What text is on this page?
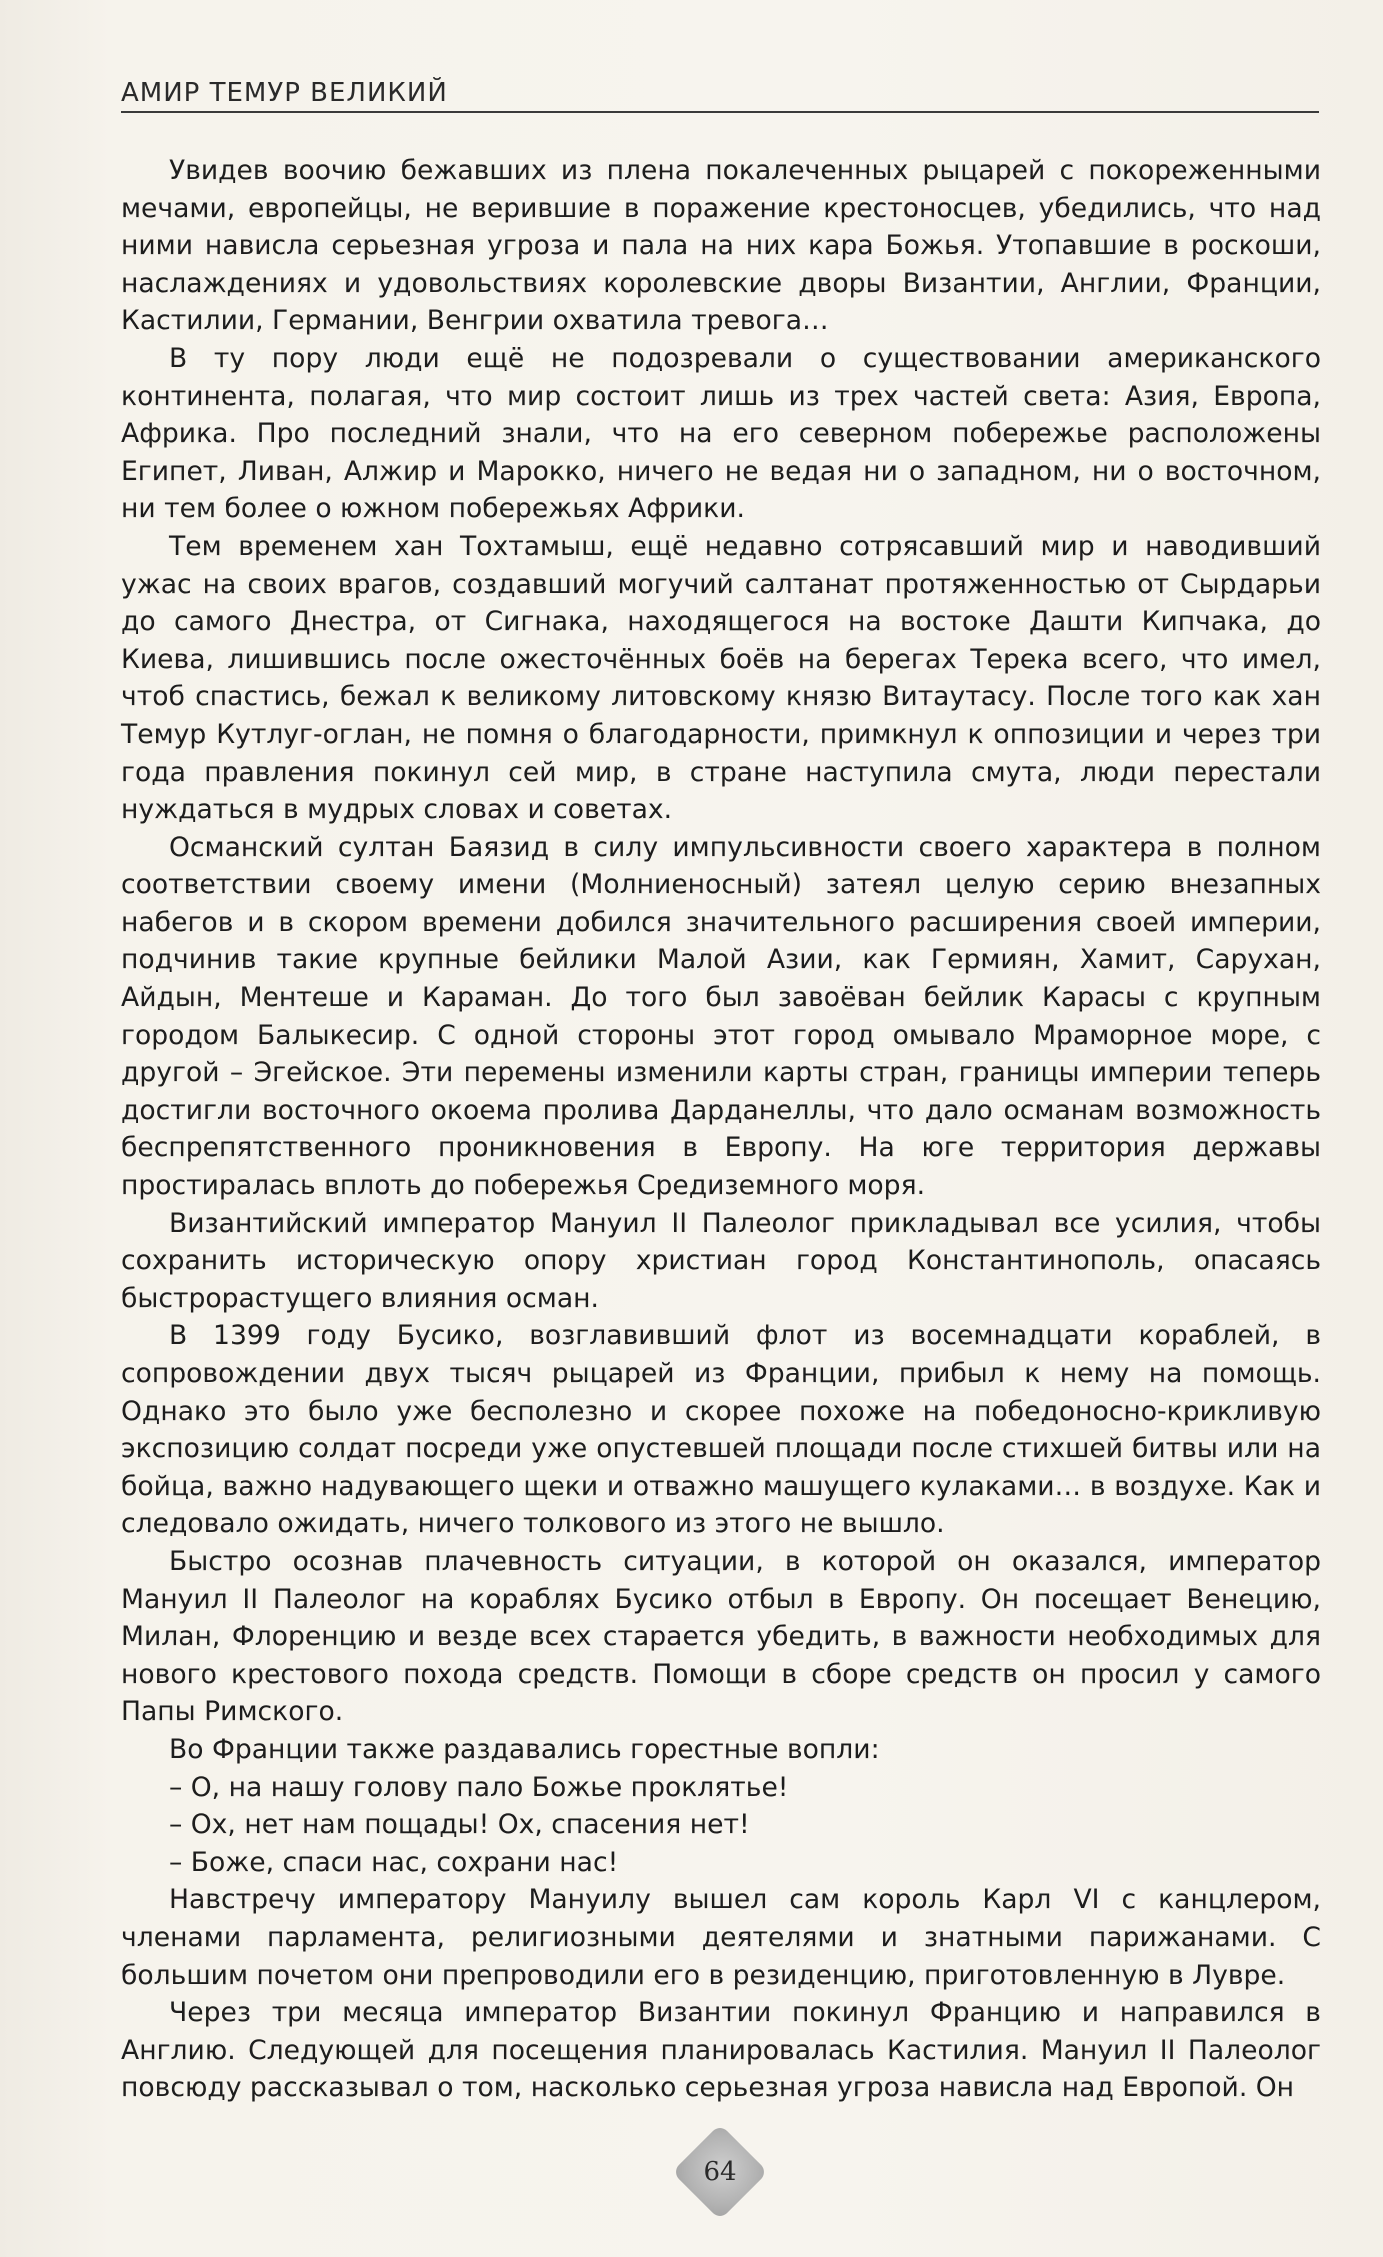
АМИР ТЕМУР ВЕЛИКИЙ

Увидев воочию бежавших из плена покалеченных рыцарей с покореженными мечами, европейцы, не верившие в поражение крестоносцев, убедились, что над ними нависла серьезная угроза и пала на них кара Божья. Утопавшие в роскоши, наслаждениях и удовольствиях королевские дворы Византии, Англии, Франции, Кастилии, Германии, Венгрии охватила тревога…

В ту пору люди ещё не подозревали о существовании американского континента, полагая, что мир состоит лишь из трех частей света: Азия, Европа, Африка. Про последний знали, что на его северном побережье расположены Египет, Ливан, Алжир и Марокко, ничего не ведая ни о западном, ни о восточном, ни тем более о южном побережьях Африки.

Тем временем хан Тохтамыш, ещё недавно сотрясавший мир и наводивший ужас на своих врагов, создавший могучий салтанат протяженностью от Сырдарьи до самого Днестра, от Сигнака, находящегося на востоке Дашти Кипчака, до Киева, лишившись после ожесточённых боёв на берегах Терека всего, что имел, чтоб спастись, бежал к великому литовскому князю Витаутасу. После того как хан Темур Кутлуг-оглан, не помня о благодарности, примкнул к оппозиции и через три года правления покинул сей мир, в стране наступила смута, люди перестали нуждаться в мудрых словах и советах.

Османский султан Баязид в силу импульсивности своего характера в полном соответствии своему имени (Молниеносный) затеял целую серию внезапных набегов и в скором времени добился значительного расширения своей империи, подчинив такие крупные бейлики Малой Азии, как Гермиян, Хамит, Сарухан, Айдын, Ментеше и Караман. До того был завоёван бейлик Карасы с крупным городом Балыкесир. С одной стороны этот город омывало Мраморное море, с другой – Эгейское. Эти перемены изменили карты стран, границы империи теперь достигли восточного окоема пролива Дарданеллы, что дало османам возможность беспрепятственного проникновения в Европу. На юге территория державы простиралась вплоть до побережья Средиземного моря.

Византийский император Мануил II Палеолог прикладывал все усилия, чтобы сохранить историческую опору христиан город Константинополь, опасаясь быстрорастущего влияния осман.

В 1399 году Бусико, возглавивший флот из восемнадцати кораблей, в сопровождении двух тысяч рыцарей из Франции, прибыл к нему на помощь. Однако это было уже бесполезно и скорее похоже на победоносно-крикливую экспозицию солдат посреди уже опустевшей площади после стихшей битвы или на бойца, важно надувающего щеки и отважно машущего кулаками… в воздухе. Как и следовало ожидать, ничего толкового из этого не вышло.

Быстро осознав плачевность ситуации, в которой он оказался, император Мануил II Палеолог на кораблях Бусико отбыл в Европу. Он посещает Венецию, Милан, Флоренцию и везде всех старается убедить, в важности необходимых для нового крестового похода средств. Помощи в сборе средств он просил у самого Папы Римского.

Во Франции также раздавались горестные вопли:

– О, на нашу голову пало Божье проклятье!

– Ох, нет нам пощады! Ох, спасения нет!

– Боже, спаси нас, сохрани нас!

Навстречу императору Мануилу вышел сам король Карл VI с канцлером, членами парламента, религиозными деятелями и знатными парижанами. С большим почетом они препроводили его в резиденцию, приготовленную в Лувре.

Через три месяца император Византии покинул Францию и направился в Англию. Следующей для посещения планировалась Кастилия. Мануил II Палеолог повсюду рассказывал о том, насколько серьезная угроза нависла над Европой. Он

64
